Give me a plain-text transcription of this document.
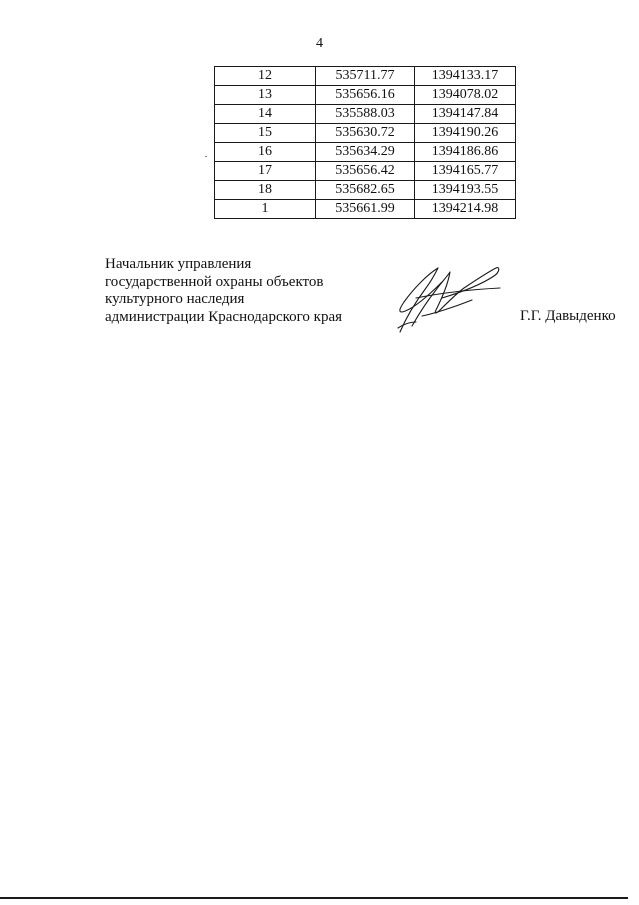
4
12	535711.77	1394133.17
13	535656.16	1394078.02
14	535588.03	1394147.84
15	535630.72	1394190.26
16	535634.29	1394186.86
17	535656.42	1394165.77
18	535682.65	1394193.55
1	535661.99	1394214.98
Начальник управления
государственной охраны объектов
культурного наследия
администрации Краснодарского края	Г.Г. Давыденко
